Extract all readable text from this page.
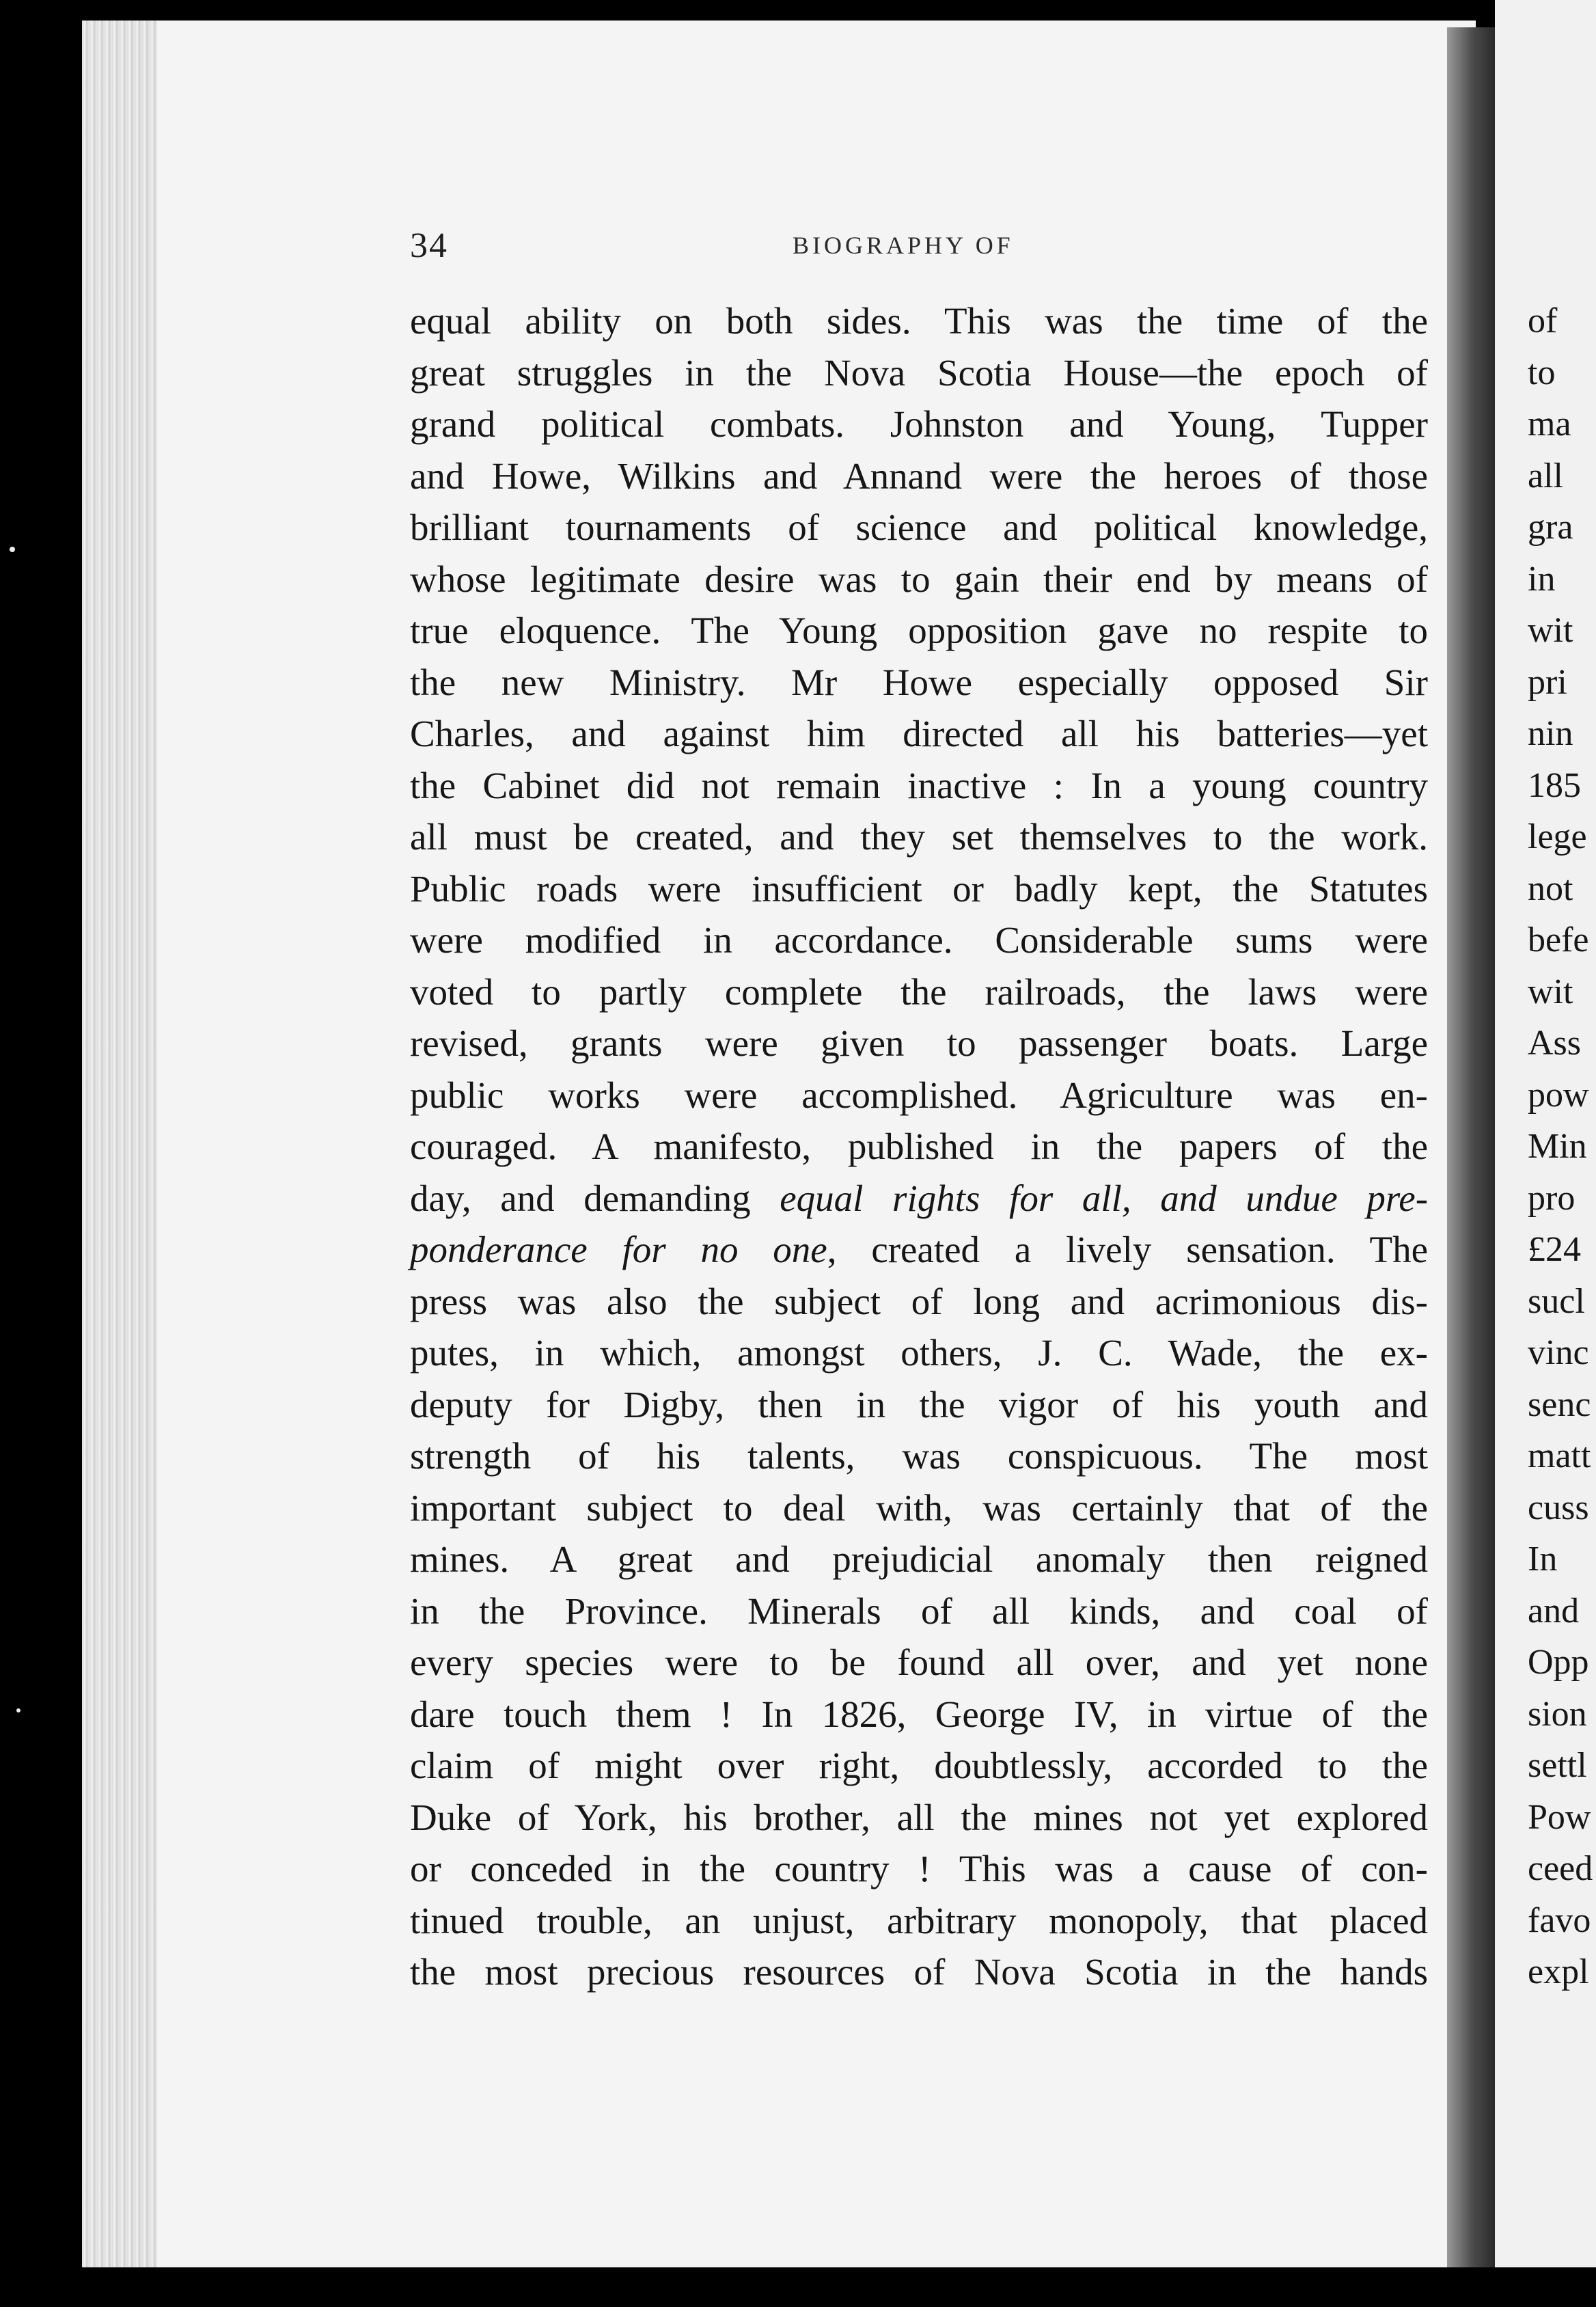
34	BIOGRAPHY OF
equal ability on both sides. This was the time of the
great struggles in the Nova Scotia House—the epoch of
grand political combats. Johnston and Young, Tupper
and Howe, Wilkins and Annand were the heroes of those
brilliant tournaments of science and political knowledge,
whose legitimate desire was to gain their end by means of
true eloquence. The Young opposition gave no respite to
the new Ministry. Mr Howe especially opposed Sir
Charles, and against him directed all his batteries—yet
the Cabinet did not remain inactive : In a young country
all must be created, and they set themselves to the work.
Public roads were insufficient or badly kept, the Statutes
were modified in accordance. Considerable sums were
voted to partly complete the railroads, the laws were
revised, grants were given to passenger boats. Large
public works were accomplished. Agriculture was en-
couraged. A manifesto, published in the papers of the
day, and demanding equal rights for all, and undue pre-
ponderance for no one, created a lively sensation. The
press was also the subject of long and acrimonious dis-
putes, in which, amongst others, J. C. Wade, the ex-
deputy for Digby, then in the vigor of his youth and
strength of his talents, was conspicuous. The most
important subject to deal with, was certainly that of the
mines. A great and prejudicial anomaly then reigned
in the Province. Minerals of all kinds, and coal of
every species were to be found all over, and yet none
dare touch them ! In 1826, George IV, in virtue of the
claim of might over right, doubtlessly, accorded to the
Duke of York, his brother, all the mines not yet explored
or conceded in the country ! This was a cause of con-
tinued trouble, an unjust, arbitrary monopoly, that placed
the most precious resources of Nova Scotia in the hands
of
to
ma
all
gra
in
wit
pri
nin
185
lege
not
befe
wit
Ass
pow
Min
pro
£24
sucl
vinc
senc
matt
cuss
In
and
Opp
sion
settl
Pow
ceed
favo
expl
